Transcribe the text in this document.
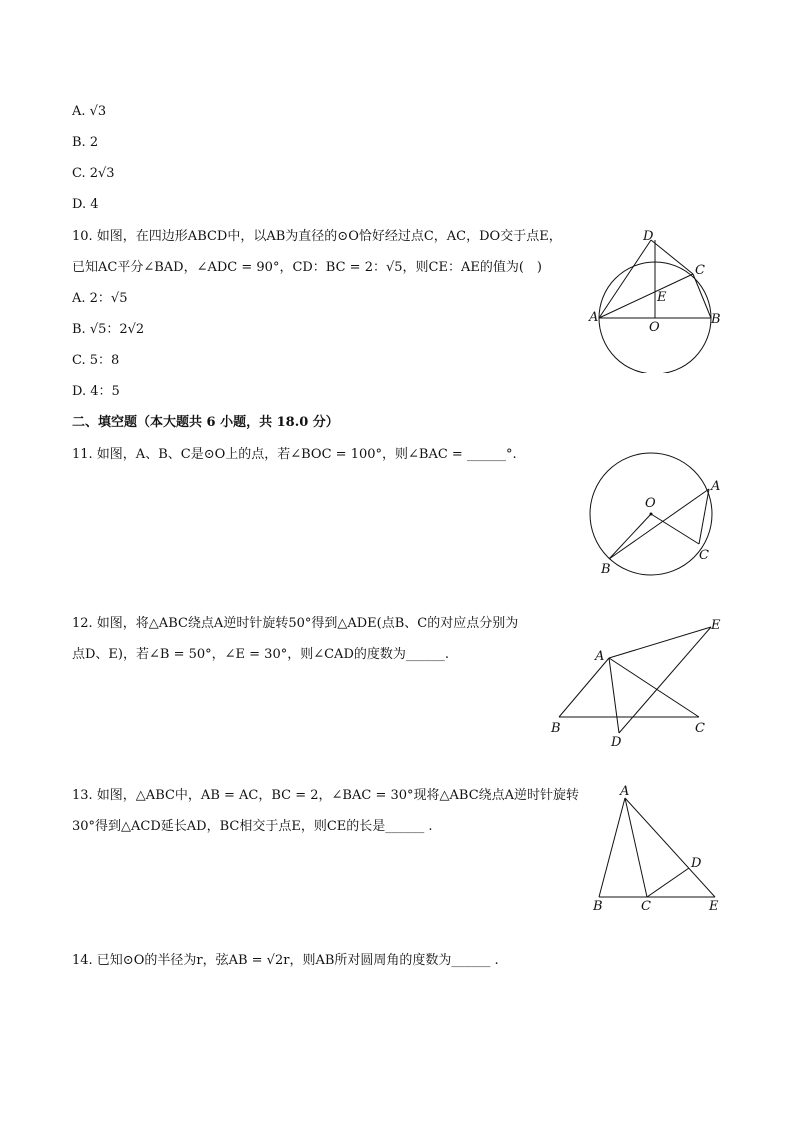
A. √3
B. 2
C. 2√3
D. 4
10. 如图，在四边形ABCD中，以AB为直径的⊙O恰好经过点C，AC，DO交于点E，
已知AC平分∠BAD，∠ADC = 90°，CD：BC = 2：√5，则CE：AE的值为(　)
A. 2：√5
B. √5：2√2
C. 5：8
D. 4：5
D
C
E
A	B
O
二、填空题（本大题共 6 小题，共 18.0 分）
11. 如图，A、B、C是⊙O上的点，若∠BOC = 100°，则∠BAC = ______°.
O
A
B
C
12. 如图，将△ABC绕点A逆时针旋转50°得到△ADE(点B、C的对应点分别为
点D、E)，若∠B = 50°，∠E = 30°，则∠CAD的度数为______.	A
E
B	C
D
13. 如图，△ABC中，AB = AC，BC = 2，∠BAC = 30°现将△ABC绕点A逆时针旋转
30°得到△ACD延长AD，BC相交于点E，则CE的长是______ .
A
D
B	C	E
14. 已知⊙O的半径为r，弦AB = √2r，则AB所对圆周角的度数为______ .
